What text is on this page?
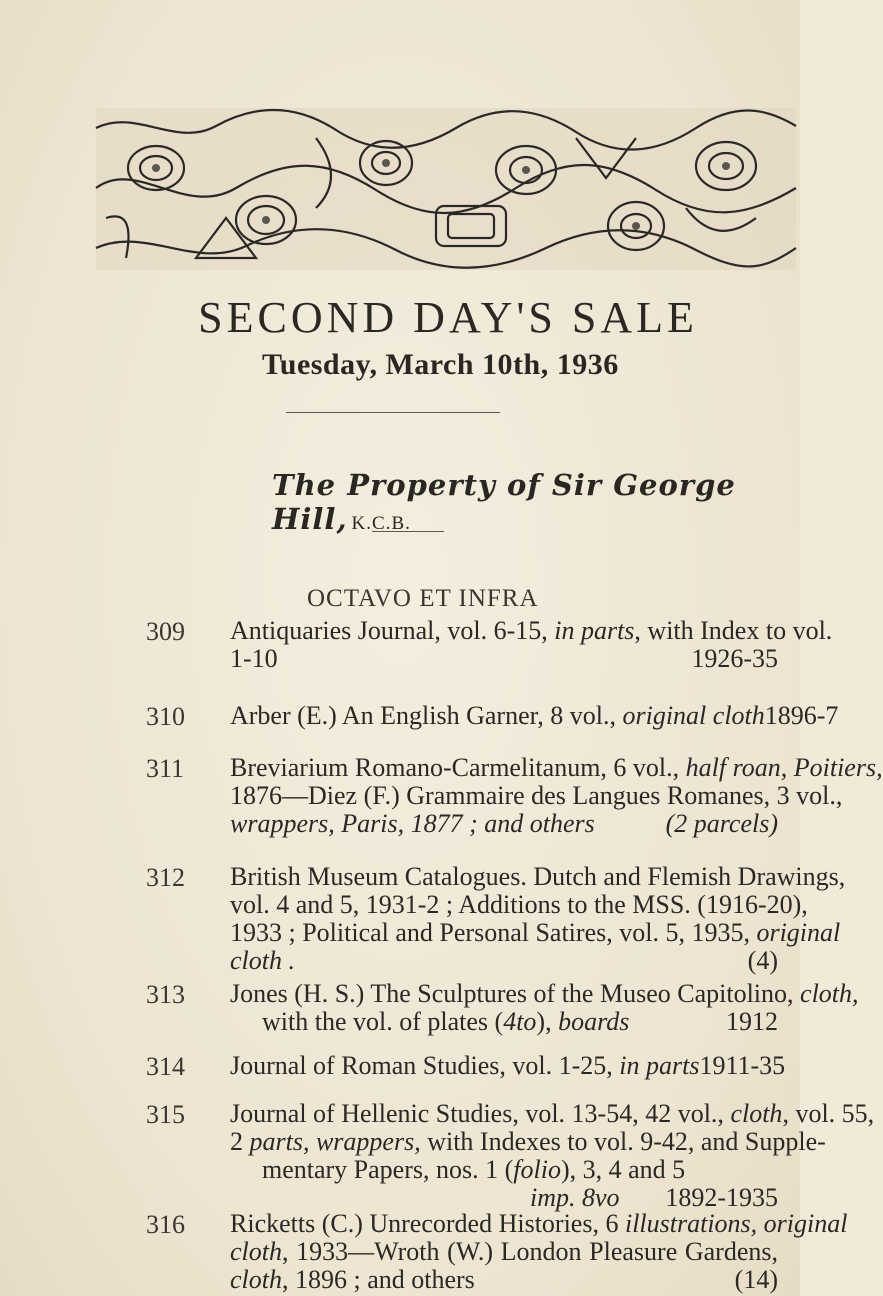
SECOND DAY'S SALE
Tuesday, March 10th, 1936
The Property of Sir George Hill, K.C.B.
OCTAVO ET INFRA
309 Antiquaries Journal, vol. 6-15, in parts, with Index to vol.
1-10	1926-35
310 Arber (E.) An English Garner, 8 vol., original cloth 1896-7
311 Breviarium Romano-Carmelitanum, 6 vol., half roan, Poitiers,
1876—Diez (F.) Grammaire des Langues Romanes, 3 vol.,
wrappers, Paris, 1877 ; and others	(2 parcels)
312 British Museum Catalogues. Dutch and Flemish Drawings,
vol. 4 and 5, 1931-2 ; Additions to the MSS. (1916-20),
1933 ; Political and Personal Satires, vol. 5, 1935, original
cloth .	(4)
313 Jones (H. S.) The Sculptures of the Museo Capitolino, cloth,
with the vol. of plates (4to), boards	1912
314 Journal of Roman Studies, vol. 1-25, in parts 1911-35
315 Journal of Hellenic Studies, vol. 13-54, 42 vol., cloth, vol. 55,
2 parts, wrappers, with Indexes to vol. 9-42, and Supple-
mentary Papers, nos. 1 (folio), 3, 4 and 5
imp. 8vo 1892-1935
316 Ricketts (C.) Unrecorded Histories, 6 illustrations, original
cloth, 1933—Wroth (W.) London Pleasure Gardens,
cloth, 1896 ; and others	(14)
